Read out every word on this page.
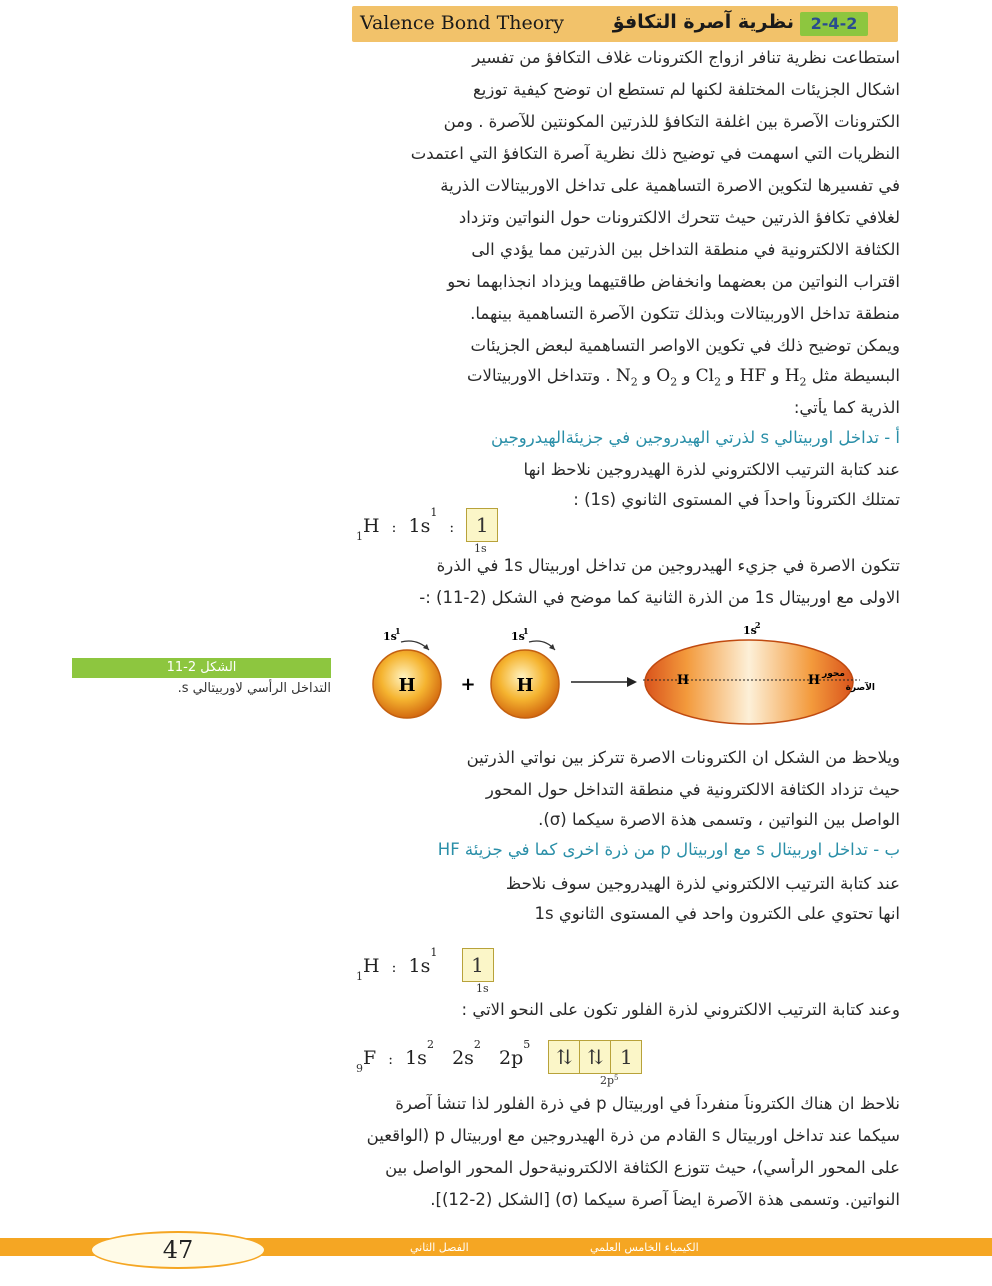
Valence Bond Theory	نظرية آصرة التكافؤ	2-4-2
استطاعت نظرية تنافر ازواج الكترونات غلاف التكافؤ من تفسير
اشكال الجزيئات المختلفة لكنها لم تستطع ان توضح كيفية توزيع
الكترونات الآصرة بين اغلفة التكافؤ للذرتين المكونتين للآصرة . ومن
النظريات التي اسهمت في توضيح ذلك نظرية آصرة التكافؤ التي اعتمدت
في تفسيرها لتكوين الاصرة التساهمية على تداخل الاوربيتالات الذرية
لغلافي تكافؤ الذرتين حيث تتحرك الالكترونات حول النواتين وتزداد
الكثافة الالكترونية في منطقة التداخل بين الذرتين مما يؤدي الى
اقتراب النواتين من بعضهما وانخفاض طاقتيهما ويزداد انجذابهما نحو
منطقة تداخل الاوربيتالات وبذلك تتكون الآصرة التساهمية بينهما.
ويمكن توضيح ذلك في تكوين الاواصر التساهمية لبعض الجزيئات
البسيطة مثل $H_2$ و HF و $Cl_2$ و $O_2$ و $N_2$ . وتتداخل الاوربيتالات
الذرية كما يأتي:
أ - تداخل اوربيتالي s لذرتي الهيدروجين في جزيئةالهيدروجين
عند كتابة الترتيب الالكتروني لذرة الهيدروجين نلاحظ انها
تمتلك الكتروناً واحداً في المستوى الثانوي (1s) :
$_1$H : $1s^1$  : 1
1s
تتكون الاصرة في جزيء الهيدروجين من تداخل اوربيتال 1s في الذرة
الاولى مع اوربيتال 1s من الذرة الثانية كما موضح في الشكل (2-11) :-
H
1s
1
+ H
1s
1
H	H
1s
2
محور
الآصرة
الشكل 2-11
التداخل الرأسي لاوربيتالي s.
ويلاحظ من الشكل ان الكترونات الاصرة تتركز بين نواتي الذرتين
حيث تزداد الكثافة الالكترونية في منطقة التداخل حول المحور
الواصل بين النواتين ، وتسمى هذة الاصرة سيكما (σ).
ب - تداخل اوربيتال s مع اوربيتال p من ذرة اخرى كما في جزيئة HF
عند كتابة الترتيب الالكتروني لذرة الهيدروجين سوف نلاحظ
انها تحتوي على الكترون واحد في المستوى الثانوي 1s
$_1$H : $1s^1$    1
1s
وعند كتابة الترتيب الالكتروني لذرة الفلور تكون على النحو الاتي :
$_9$F : $1s^2$   $2s^2$   $2p^5$   ⇅ ⇅ 1
$2p^5$
نلاحظ ان هناك الكتروناً منفرداً في اوربيتال p في ذرة الفلور لذا تنشأ آصرة
سيكما عند تداخل اوربيتال s القادم من ذرة الهيدروجين مع اوربيتال p (الواقعين
على المحور الرأسي)، حيث تتوزع الكثافة الالكترونيةحول المحور الواصل بين
النواتين. وتسمى هذة الآصرة ايضاً آصرة سيكما (σ) [الشكل (2-12)].
47	الكيمياء الخامس العلمي
الفصل الثاني
